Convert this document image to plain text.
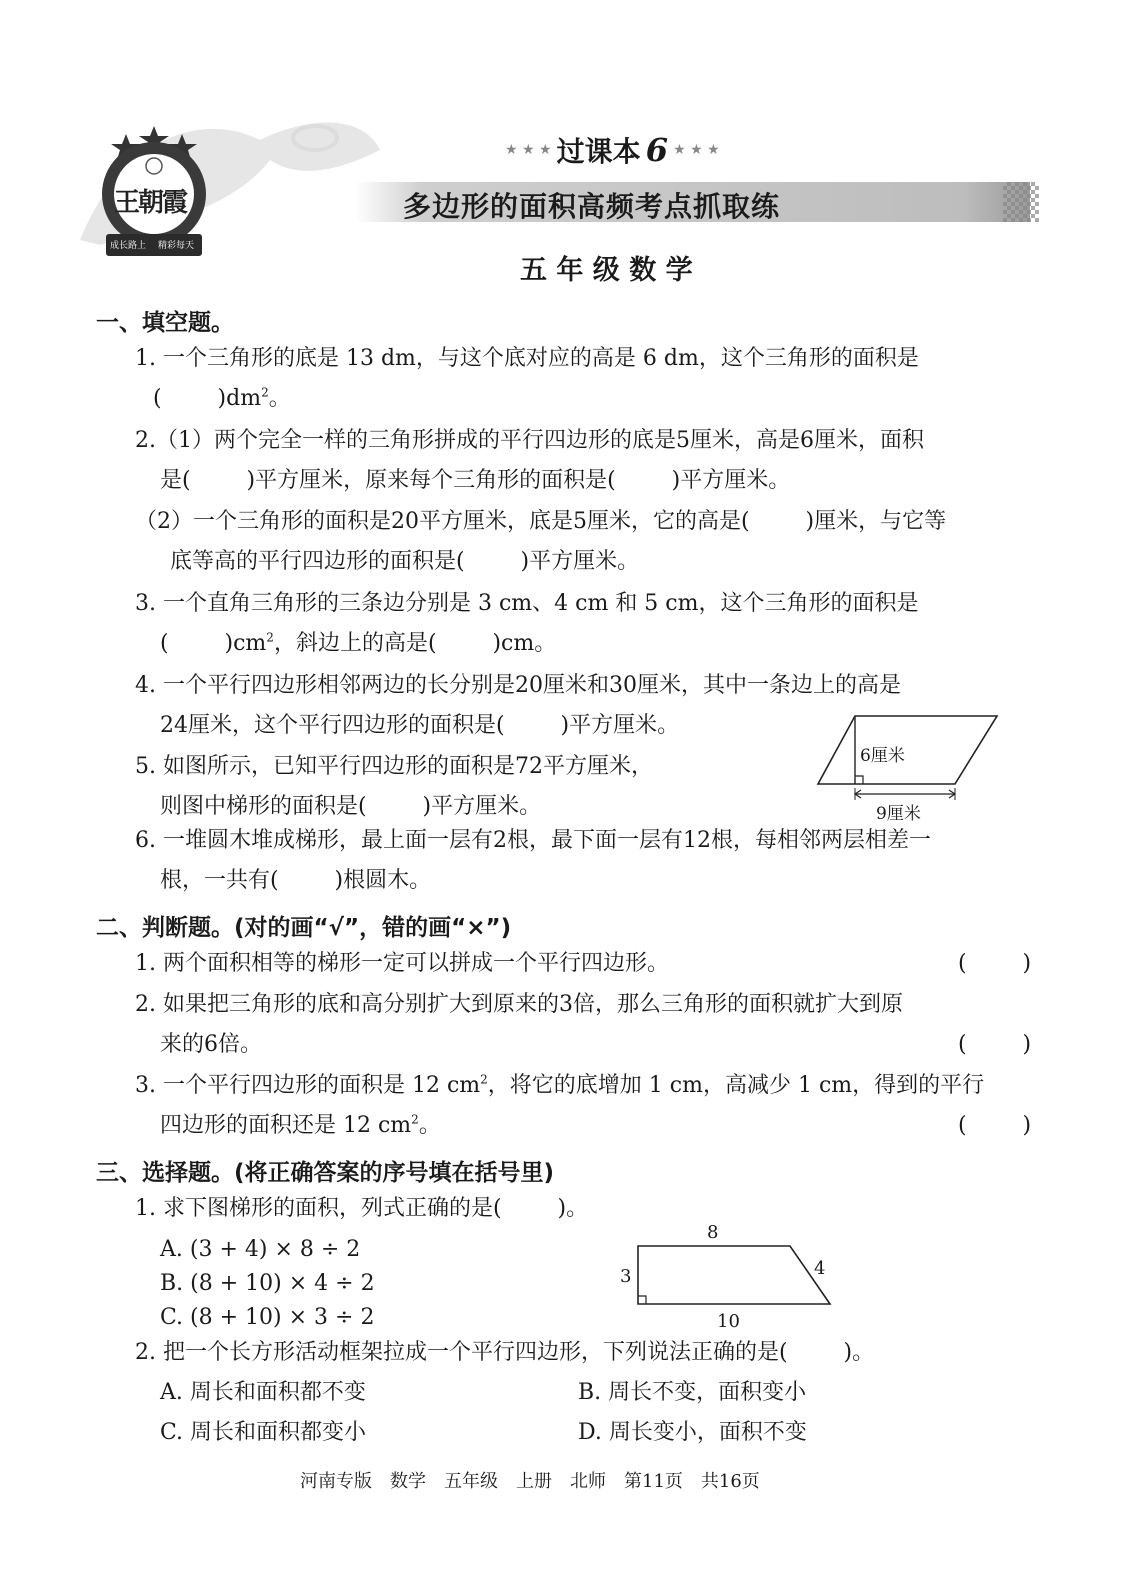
王朝霞
成长路上 精彩每天
★ ★ ★ 过课本 6 ★ ★ ★
多边形的面积高频考点抓取练
五 年 级 数 学
一、填空题。
1. 一个三角形的底是 13 dm，与这个底对应的高是 6 dm，这个三角形的面积是
(        )$dm^2$。
2.（1）两个完全一样的三角形拼成的平行四边形的底是5厘米，高是6厘米，面积
是(        )平方厘米，原来每个三角形的面积是(        )平方厘米。
（2）一个三角形的面积是20平方厘米，底是5厘米，它的高是(        )厘米，与它等
底等高的平行四边形的面积是(        )平方厘米。
3. 一个直角三角形的三条边分别是 3 cm、4 cm 和 5 cm，这个三角形的面积是
(        )$cm^2$，斜边上的高是(        )cm。
4. 一个平行四边形相邻两边的长分别是20厘米和30厘米，其中一条边上的高是
24厘米，这个平行四边形的面积是(        )平方厘米。
5. 如图所示，已知平行四边形的面积是72平方厘米，
则图中梯形的面积是(        )平方厘米。
6厘米
9厘米
6. 一堆圆木堆成梯形，最上面一层有2根，最下面一层有12根，每相邻两层相差一
根，一共有(        )根圆木。
二、判断题。(对的画“√”，错的画“×”)
1. 两个面积相等的梯形一定可以拼成一个平行四边形。	(        )
2. 如果把三角形的底和高分别扩大到原来的3倍，那么三角形的面积就扩大到原
来的6倍。	(        )
3. 一个平行四边形的面积是 12 $cm^2$，将它的底增加 1 cm，高减少 1 cm，得到的平行
四边形的面积还是 12 $cm^2$。	(        )
三、选择题。(将正确答案的序号填在括号里)
1. 求下图梯形的面积，列式正确的是(        )。
A. (3 + 4) × 8 ÷ 2
B. (8 + 10) × 4 ÷ 2
C. (8 + 10) × 3 ÷ 2
8
3	4
10
2. 把一个长方形活动框架拉成一个平行四边形，下列说法正确的是(        )。
A. 周长和面积都不变	B. 周长不变，面积变小
C. 周长和面积都变小	D. 周长变小，面积不变
河南专版　数学　五年级　上册　北师　第11页　共16页
